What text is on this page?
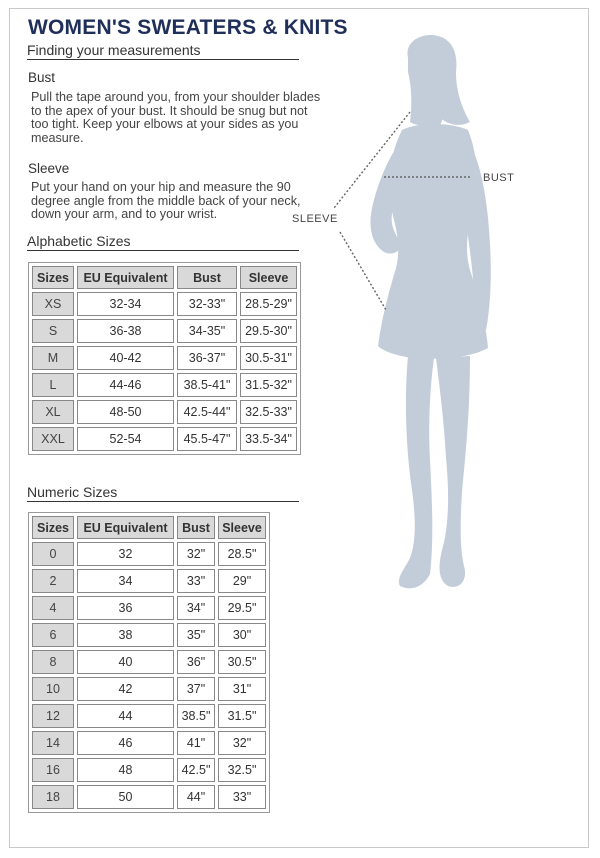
BUST
SLEEVE
WOMEN'S SWEATERS & KNITS
Finding your measurements
Bust
Pull the tape around you, from your shoulder blades to the apex of your bust. It should be snug but not too tight. Keep your elbows at your sides as you measure.
Sleeve
Put your hand on your hip and measure the 90 degree angle from the middle back of your neck, down your arm, and to your wrist.
Alphabetic Sizes
Sizes	EU Equivalent	Bust	Sleeve
XS	32-34	32-33"	28.5-29"
S	36-38	34-35"	29.5-30"
M	40-42	36-37"	30.5-31"
L	44-46	38.5-41"	31.5-32"
XL	48-50	42.5-44"	32.5-33"
XXL	52-54	45.5-47"	33.5-34"
Numeric Sizes
Sizes	EU Equivalent	Bust	Sleeve
0	32	32"	28.5"
2	34	33"	29"
4	36	34"	29.5"
6	38	35"	30"
8	40	36"	30.5"
10	42	37"	31"
12	44	38.5"	31.5"
14	46	41"	32"
16	48	42.5"	32.5"
18	50	44"	33"
